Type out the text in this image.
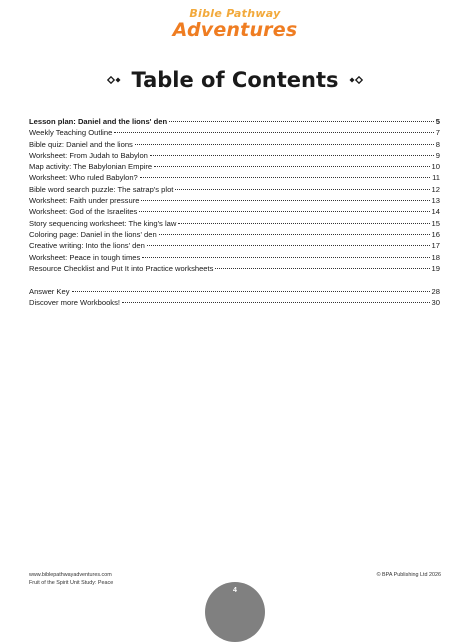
Bible Pathway
Adventures
Table of Contents
Lesson plan: Daniel and the lions' den	5
Weekly Teaching Outline	7
Bible quiz: Daniel and the lions	8
Worksheet: From Judah to Babylon	9
Map activity: The Babylonian Empire	10
Worksheet: Who ruled Babylon?	11
Bible word search puzzle: The satrap's plot	12
Worksheet: Faith under pressure	13
Worksheet: God of the Israelites	14
Story sequencing worksheet: The king's law	15
Coloring page: Daniel in the lions' den	16
Creative writing: Into the lions' den	17
Worksheet: Peace in tough times	18
Resource Checklist and Put It into Practice worksheets	19
Answer Key	28
Discover more Workbooks!	30
www.biblepathwayadventures.com
Fruit of the Spirit Unit Study: Peace
© BPA Publishing Ltd 2026
4
